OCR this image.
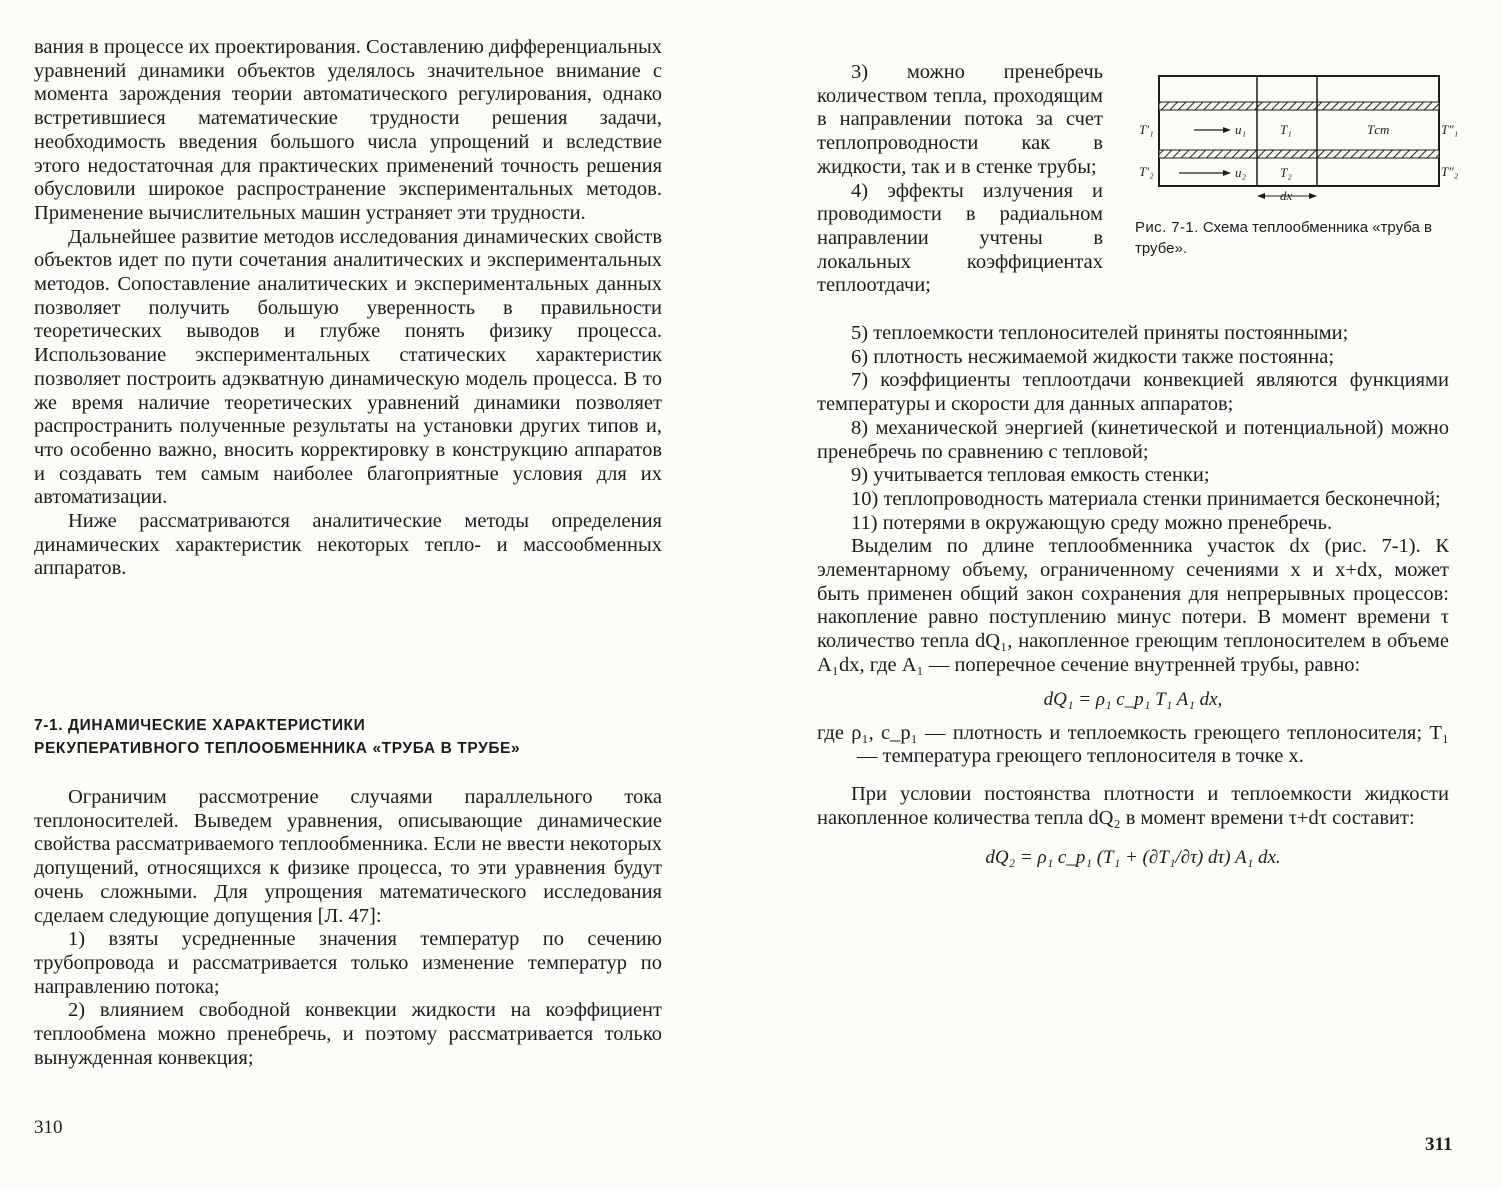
вания в процессе их проектирования. Составлению дифференциальных уравнений динамики объектов уделялось значительное внимание с момента зарождения теории автоматического регулирования, однако встретившиеся математические трудности решения задачи, необходимость введения большого числа упрощений и вследствие этого недостаточная для практических применений точность решения обусловили широкое распространение экспериментальных методов. Применение вычислительных машин устраняет эти трудности.

Дальнейшее развитие методов исследования динамических свойств объектов идет по пути сочетания аналитических и экспериментальных методов. Сопоставление аналитических и экспериментальных данных позволяет получить большую уверенность в правильности теоретических выводов и глубже понять физику процесса. Использование экспериментальных статических характеристик позволяет построить адэкватную динамическую модель процесса. В то же время наличие теоретических уравнений динамики позволяет распространить полученные результаты на установки других типов и, что особенно важно, вносить корректировку в конструкцию аппаратов и создавать тем самым наиболее благоприятные условия для их автоматизации.

Ниже рассматриваются аналитические методы определения динамических характеристик некоторых тепло- и массообменных аппаратов.

7-1. ДИНАМИЧЕСКИЕ ХАРАКТЕРИСТИКИ

РЕКУПЕРАТИВНОГО ТЕПЛООБМЕННИКА «ТРУБА В ТРУБЕ»

Ограничим рассмотрение случаями параллельного тока теплоносителей. Выведем уравнения, описывающие динамические свойства рассматриваемого теплообменника. Если не ввести некоторых допущений, относящихся к физике процесса, то эти уравнения будут очень сложными. Для упрощения математического исследования сделаем следующие допущения [Л. 47]:

1) взяты усредненные значения температур по сечению трубопровода и рассматривается только изменение температур по направлению потока;

2) влиянием свободной конвекции жидкости на коэффициент теплообмена можно пренебречь, и поэтому рассматривается только вынужденная конвекция;

310

3) можно пренебречь количеством тепла, проходящим в направлении потока за счет теплопроводности как в жидкости, так и в стенке трубы;

4) эффекты излучения и проводимости в радиальном направлении учтены в локальных коэффициентах теплоотдачи;

T′₁
T′₂
T″₁
T″₂
u₁
u₂
T₁
T₂
Tст
dx
Рис. 7-1. Схема теплообменника «труба в трубе».

5) теплоемкости теплоносителей приняты постоянными;

6) плотность несжимаемой жидкости также постоянна;

7) коэффициенты теплоотдачи конвекцией являются функциями температуры и скорости для данных аппаратов;

8) механической энергией (кинетической и потенциальной) можно пренебречь по сравнению с тепловой;

9) учитывается тепловая емкость стенки;

10) теплопроводность материала стенки принимается бесконечной;

11) потерями в окружающую среду можно пренебречь.

Выделим по длине теплообменника участок dx (рис. 7-1). К элементарному объему, ограниченному сечениями x и x+dx, может быть применен общий закон сохранения для непрерывных процессов: накопление равно поступлению минус потери. В момент времени τ количество тепла dQ₁, накопленное греющим теплоносителем в объеме A₁dx, где A₁ — поперечное сечение внутренней трубы, равно:

dQ₁ = ρ₁ c_p₁ T₁ A₁ dx,

где ρ₁, c_p₁ — плотность и теплоемкость греющего теплоносителя; T₁ — температура греющего теплоносителя в точке x.

При условии постоянства плотности и теплоемкости жидкости накопленное количества тепла dQ₂ в момент времени τ+dτ составит:

dQ₂ = ρ₁ c_p₁ (T₁ + (∂T₁/∂τ) dτ) A₁ dx.

311
